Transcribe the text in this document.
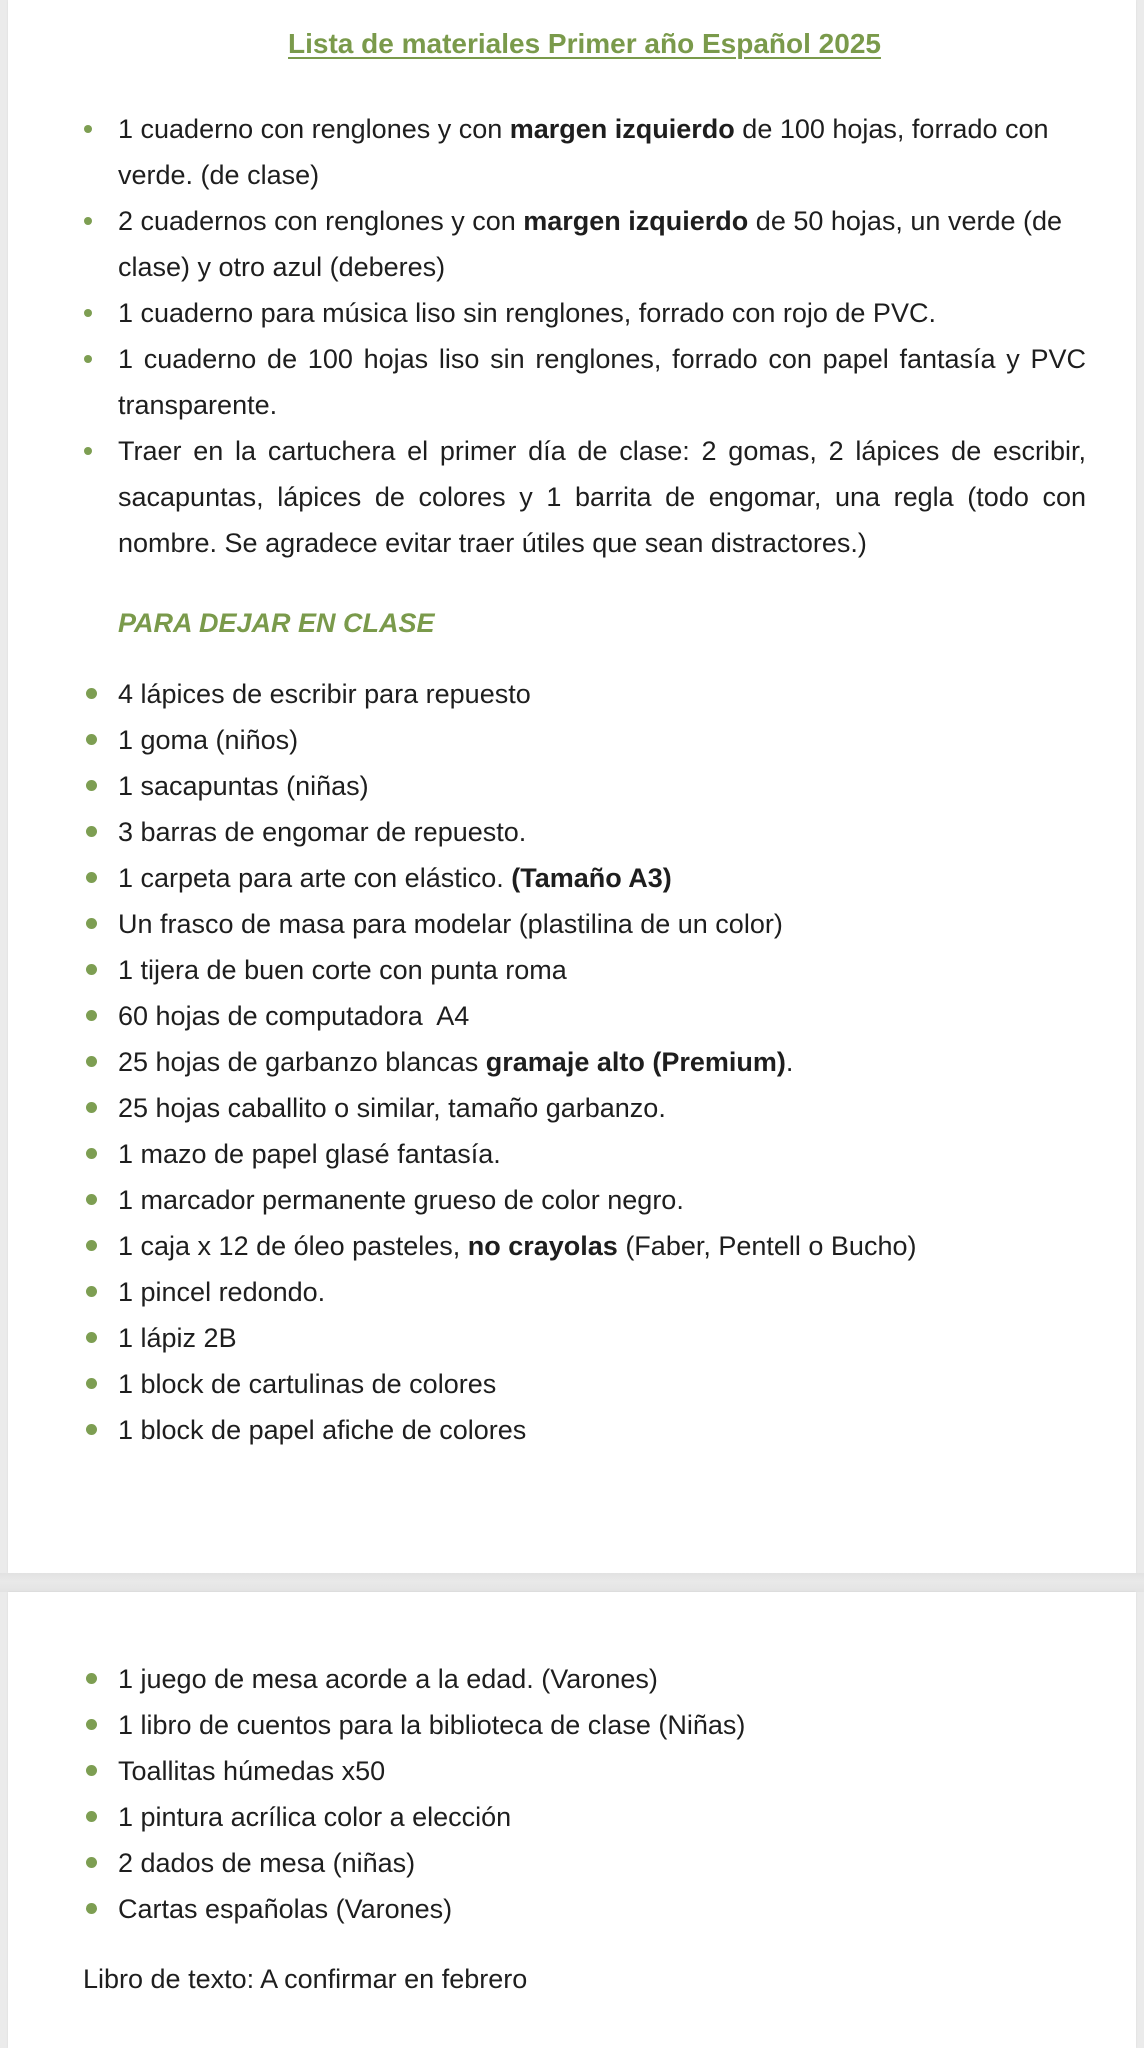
Lista de materiales Primer año Español 2025
1 cuaderno con renglones y con margen izquierdo de 100 hojas, forrado con verde. (de clase)
2 cuadernos con renglones y con margen izquierdo de 50 hojas, un verde (de clase) y otro azul (deberes)
1 cuaderno para música liso sin renglones, forrado con rojo de PVC.
1 cuaderno de 100 hojas liso sin renglones, forrado con papel fantasía y PVC transparente.
Traer en la cartuchera el primer día de clase: 2 gomas, 2 lápices de escribir, sacapuntas, lápices de colores y 1 barrita de engomar, una regla (todo con nombre. Se agradece evitar traer útiles que sean distractores.)
PARA DEJAR EN CLASE
4 lápices de escribir para repuesto
1 goma (niños)
1 sacapuntas (niñas)
3 barras de engomar de repuesto.
1 carpeta para arte con elástico. (Tamaño A3)
Un frasco de masa para modelar (plastilina de un color)
1 tijera de buen corte con punta roma
60 hojas de computadora  A4
25 hojas de garbanzo blancas gramaje alto (Premium).
25 hojas caballito o similar, tamaño garbanzo.
1 mazo de papel glasé fantasía.
1 marcador permanente grueso de color negro.
1 caja x 12 de óleo pasteles, no crayolas (Faber, Pentell o Bucho)
1 pincel redondo.
1 lápiz 2B
1 block de cartulinas de colores
1 block de papel afiche de colores
1 juego de mesa acorde a la edad. (Varones)
1 libro de cuentos para la biblioteca de clase (Niñas)
Toallitas húmedas x50
1 pintura acrílica color a elección
2 dados de mesa (niñas)
Cartas españolas (Varones)

Libro de texto: A confirmar en febrero
